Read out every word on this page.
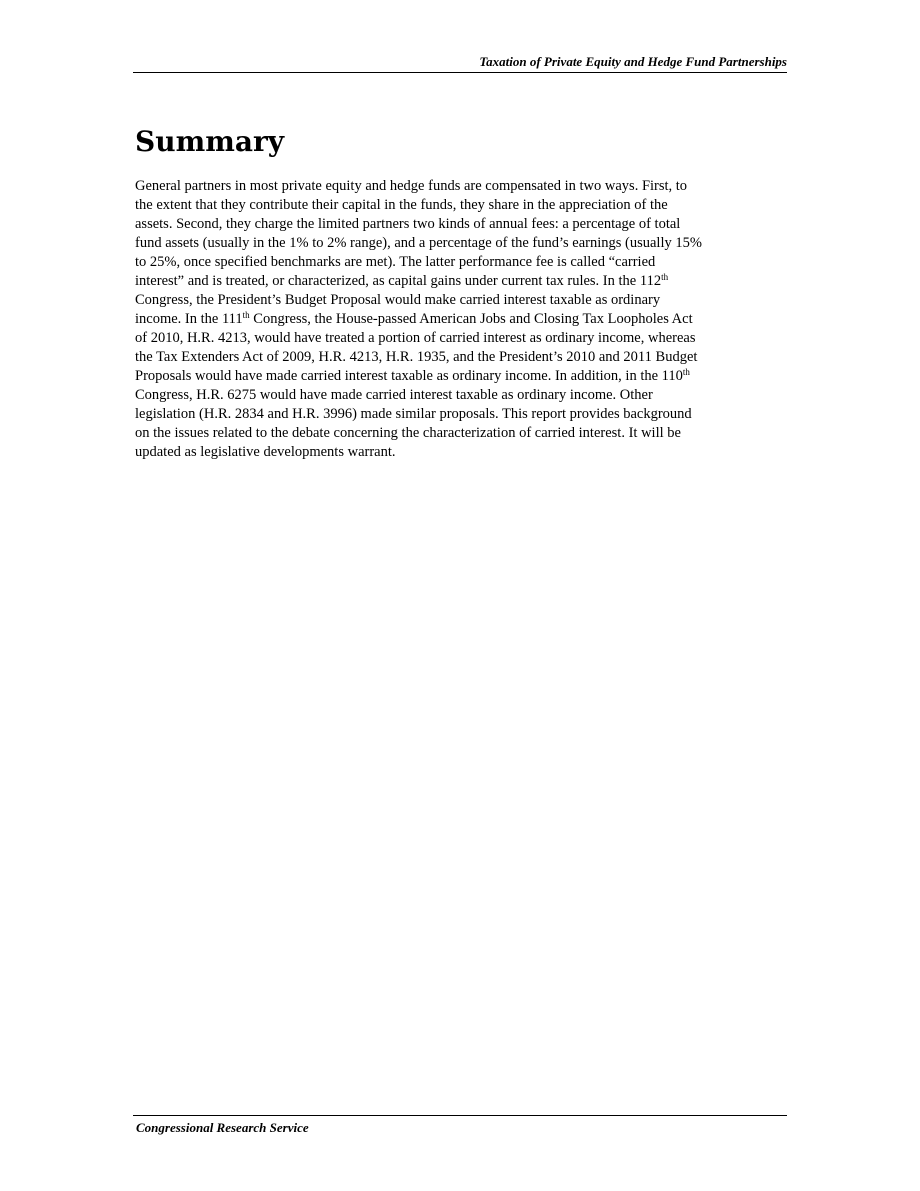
Taxation of Private Equity and Hedge Fund Partnerships
Summary
General partners in most private equity and hedge funds are compensated in two ways. First, to
the extent that they contribute their capital in the funds, they share in the appreciation of the
assets. Second, they charge the limited partners two kinds of annual fees: a percentage of total
fund assets (usually in the 1% to 2% range), and a percentage of the fund’s earnings (usually 15%
to 25%, once specified benchmarks are met). The latter performance fee is called “carried
interest” and is treated, or characterized, as capital gains under current tax rules. In the 112th
Congress, the President’s Budget Proposal would make carried interest taxable as ordinary
income. In the 111th Congress, the House-passed American Jobs and Closing Tax Loopholes Act
of 2010, H.R. 4213, would have treated a portion of carried interest as ordinary income, whereas
the Tax Extenders Act of 2009, H.R. 4213, H.R. 1935, and the President’s 2010 and 2011 Budget
Proposals would have made carried interest taxable as ordinary income. In addition, in the 110th
Congress, H.R. 6275 would have made carried interest taxable as ordinary income. Other
legislation (H.R. 2834 and H.R. 3996) made similar proposals. This report provides background
on the issues related to the debate concerning the characterization of carried interest. It will be
updated as legislative developments warrant.
Congressional Research Service
